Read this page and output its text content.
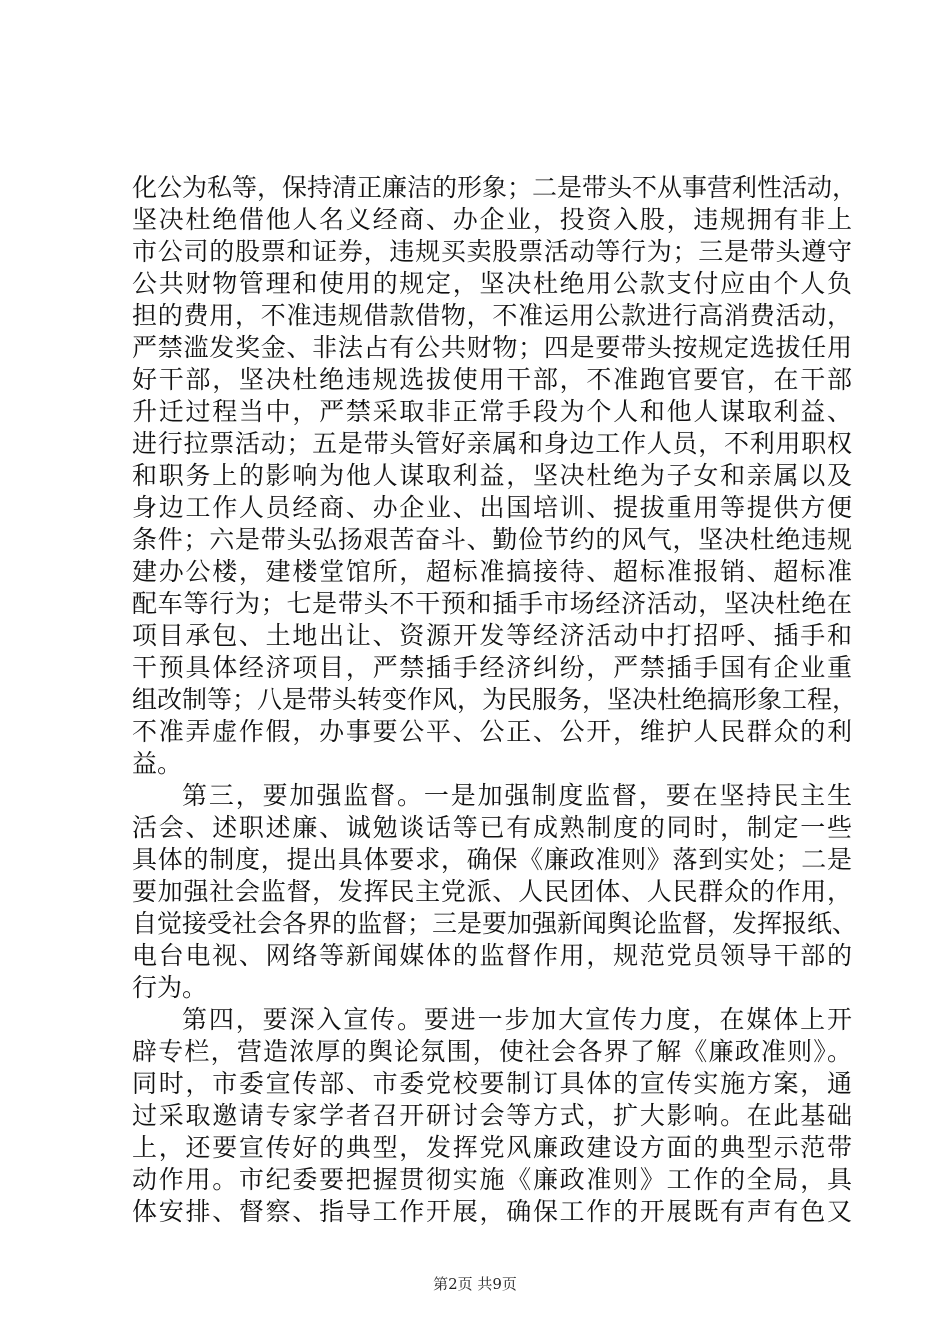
化公为私等，保持清正廉洁的形象；二是带头不从事营利性活动，
坚决杜绝借他人名义经商、办企业，投资入股，违规拥有非上
市公司的股票和证券，违规买卖股票活动等行为；三是带头遵守
公共财物管理和使用的规定，坚决杜绝用公款支付应由个人负
担的费用，不准违规借款借物，不准运用公款进行高消费活动，
严禁滥发奖金、非法占有公共财物；四是要带头按规定选拔任用
好干部，坚决杜绝违规选拔使用干部，不准跑官要官，在干部
升迁过程当中，严禁采取非正常手段为个人和他人谋取利益、
进行拉票活动；五是带头管好亲属和身边工作人员，不利用职权
和职务上的影响为他人谋取利益，坚决杜绝为子女和亲属以及
身边工作人员经商、办企业、出国培训、提拔重用等提供方便
条件；六是带头弘扬艰苦奋斗、勤俭节约的风气，坚决杜绝违规
建办公楼，建楼堂馆所，超标准搞接待、超标准报销、超标准
配车等行为；七是带头不干预和插手市场经济活动，坚决杜绝在
项目承包、土地出让、资源开发等经济活动中打招呼、插手和
干预具体经济项目，严禁插手经济纠纷，严禁插手国有企业重
组改制等；八是带头转变作风，为民服务，坚决杜绝搞形象工程，
不准弄虚作假，办事要公平、公正、公开，维护人民群众的利
益。
第三，要加强监督。一是加强制度监督，要在坚持民主生
活会、述职述廉、诚勉谈话等已有成熟制度的同时，制定一些
具体的制度，提出具体要求，确保《廉政准则》落到实处；二是
要加强社会监督，发挥民主党派、人民团体、人民群众的作用，
自觉接受社会各界的监督；三是要加强新闻舆论监督，发挥报纸、
电台电视、网络等新闻媒体的监督作用，规范党员领导干部的
行为。
第四，要深入宣传。要进一步加大宣传力度，在媒体上开
辟专栏，营造浓厚的舆论氛围，使社会各界了解《廉政准则》。
同时，市委宣传部、市委党校要制订具体的宣传实施方案，通
过采取邀请专家学者召开研讨会等方式，扩大影响。在此基础
上，还要宣传好的典型，发挥党风廉政建设方面的典型示范带
动作用。市纪委要把握贯彻实施《廉政准则》工作的全局，具
体安排、督察、指导工作开展，确保工作的开展既有声有色又
第2页 共9页
